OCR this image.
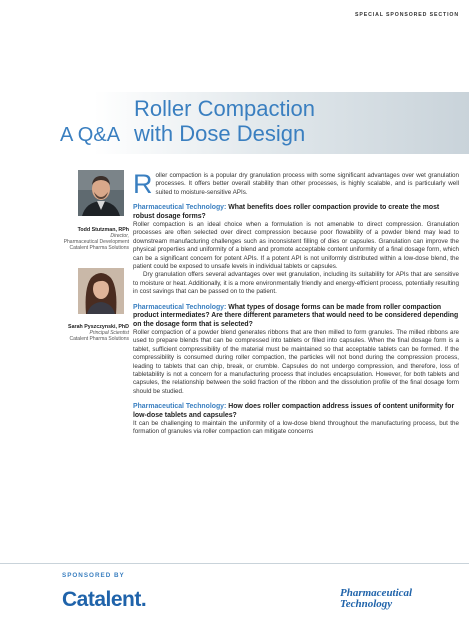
SPECIAL SPONSORED SECTION
A Q&A
Roller Compaction
with Dose Design
Todd Stutzman, RPh
Director,
Pharmaceutical Development
Catalent Pharma Solutions
Sarah Pyszczynski, PhD
Principal Scientist
Catalent Pharma Solutions

Roller compaction is a popular dry granulation process with some significant advantages over wet granulation processes. It offers better overall stability than other processes, is highly scalable, and is particularly well suited to moisture-sensitive APIs.

Pharmaceutical Technology: What benefits does roller compaction provide to create the most robust dosage forms?

Roller compaction is an ideal choice when a formulation is not amenable to direct compression. Granulation processes are often selected over direct compression because poor flowability of a powder blend may lead to downstream manufacturing challenges such as inconsistent filling of dies or capsules. Granulation can improve the physical properties and uniformity of a blend and promote acceptable content uniformity of a final dosage form, which can be a significant concern for potent APIs. If a potent API is not uniformly distributed within a low-dose blend, the patient could be exposed to unsafe levels in individual tablets or capsules.

Dry granulation offers several advantages over wet granulation, including its suitability for APIs that are sensitive to moisture or heat. Additionally, it is a more environmentally friendly and energy-efficient process, potentially resulting in cost savings that can be passed on to the patient.

Pharmaceutical Technology: What types of dosage forms can be made from roller compaction product intermediates? Are there different parameters that would need to be considered depending on the dosage form that is selected?

Roller compaction of a powder blend generates ribbons that are then milled to form granules. The milled ribbons are used to prepare blends that can be compressed into tablets or filled into capsules. When the final dosage form is a tablet, sufficient compressibility of the material must be maintained so that acceptable tablets can be formed. If the compressibility is consumed during roller compaction, the particles will not bond during the compression process, leading to tablets that can chip, break, or crumble. Capsules do not undergo compression, and therefore, loss of tabletability is not a concern for a manufacturing process that includes encapsulation. However, for both tablets and capsules, the relationship between the solid fraction of the ribbon and the dissolution profile of the final dosage form should be studied.

Pharmaceutical Technology: How does roller compaction address issues of content uniformity for low-dose tablets and capsules?

It can be challenging to maintain the uniformity of a low-dose blend throughout the manufacturing process, but the formation of granules via roller compaction can mitigate concerns

SPONSORED BY
Catalent.	Pharmaceutical
Technology
